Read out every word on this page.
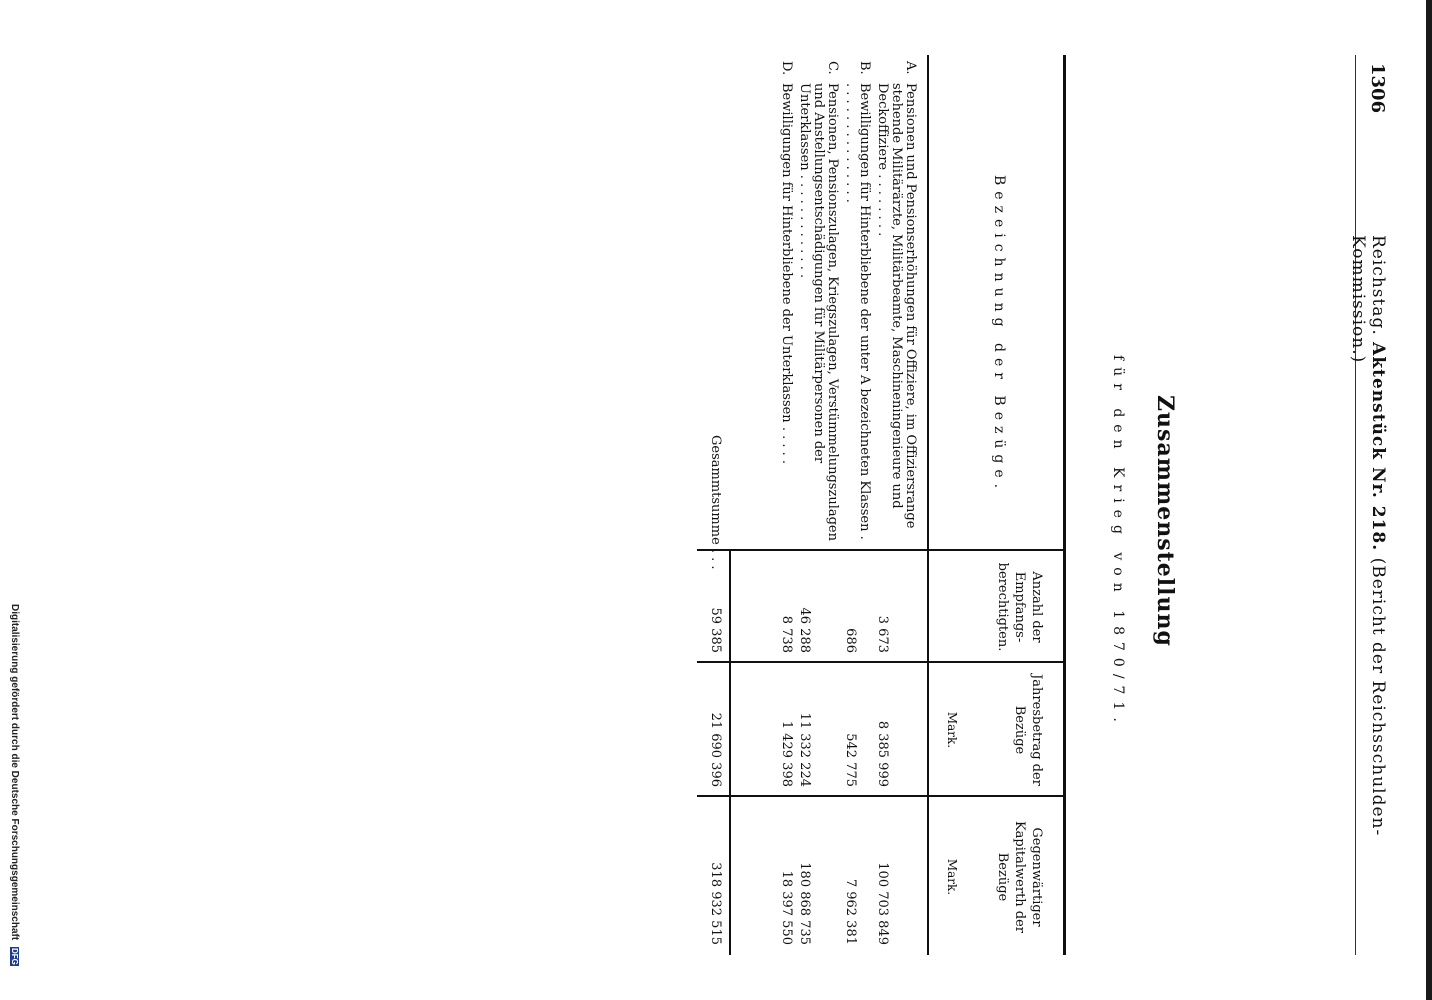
Digitalisierung gefördert durch die Deutsche Forschungsgemeinschaft DFG
1306
Reichstag. Aktenstück Nr. 218. (Bericht der Reichsschulden-Kommission.)
Zusammenstellung
für den Krieg von 1870/71.
Bezeichnung der Bezüge.
Anzahl der Empfangs- berechtigten.
Jahresbetrag der Bezüge
Mark.
Gegenwärtiger Kapitalwerth der Bezüge
Mark.
A.
Pensionen und Pensionserhöhungen für Offiziere, im Offiziersrange stehende Militärärzte, Militärbeamte, Maschineningenieure und Deckoffiziere . . . . . . . .
3 673
8 385 999
100 703 849
B.
Bewilligungen für Hinterbliebene der unter A bezeichneten Klassen . . . . . . . . . . . . . . . .
686
542 775
7 962 381
C.
Pensionen, Pensionszulagen, Kriegszulagen, Verstümmelungszulagen und Anstellungsentschädigungen für Militärpersonen der Unterklassen . . . . . . . . . . . . .
46 288
11 332 224
180 868 735
D.
Bewilligungen für Hinterbliebene der Unterklassen . . . . .
8 738
1 429 398
18 397 550
Gesammtsumme . . .
59 385
21 690 396
318 932 515
